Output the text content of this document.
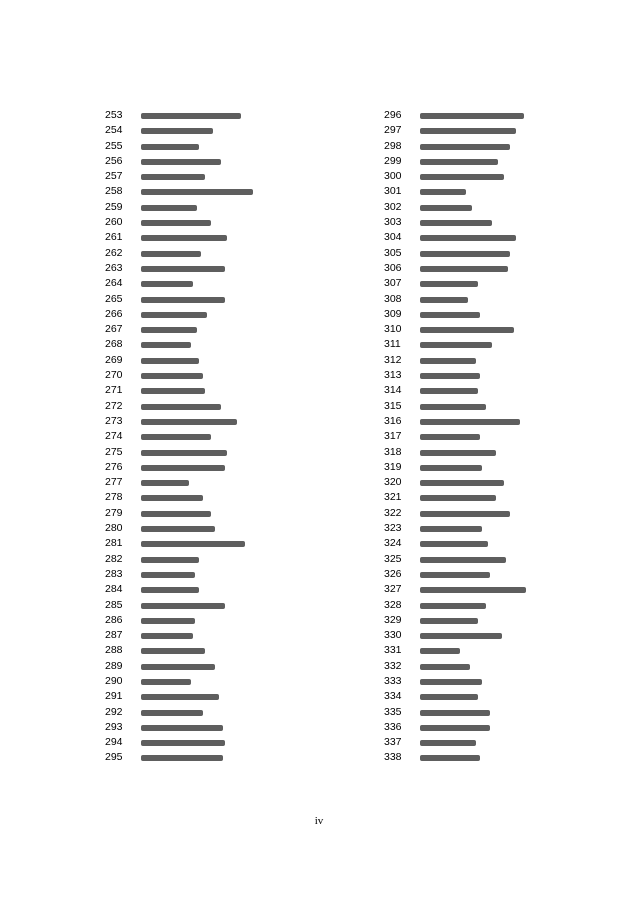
253
254
255
256
257
258
259
260
261
262
263
264
265
266
267
268
269
270
271
272
273
274
275
276
277
278
279
280
281
282
283
284
285
286
287
288
289
290
291
292
293
294
295
296
297
298
299
300
301
302
303
304
305
306
307
308
309
310
311
312
313
314
315
316
317
318
319
320
321
322
323
324
325
326
327
328
329
330
331
332
333
334
335
336
337
338
iv
